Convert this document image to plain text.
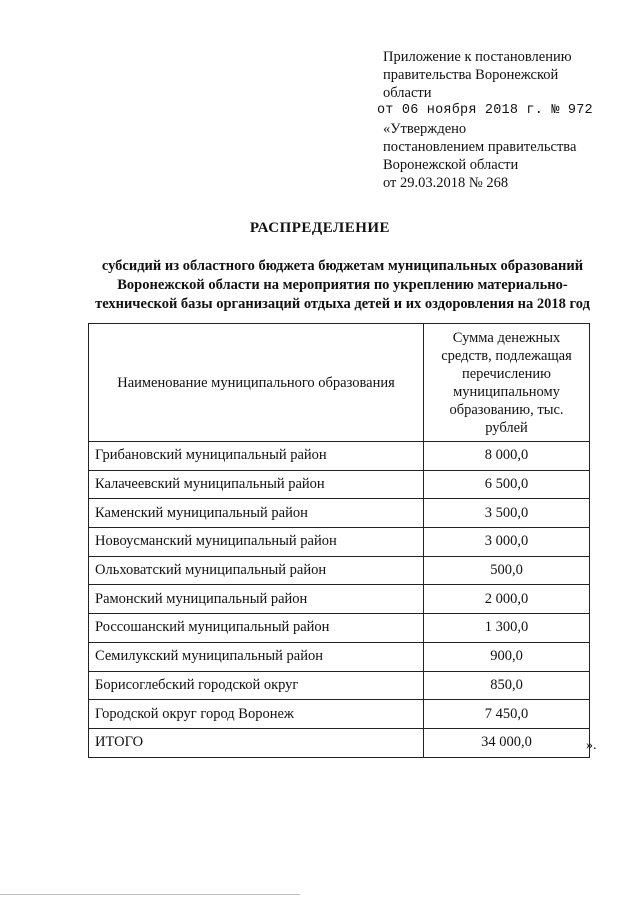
Приложение к постановлению
правительства Воронежской
области
от 06 ноября 2018 г. № 972
«Утверждено
постановлением правительства
Воронежской области
от 29.03.2018 № 268
РАСПРЕДЕЛЕНИЕ
субсидий из областного бюджета бюджетам муниципальных образований Воронежской области на мероприятия по укреплению материально-технической базы организаций отдыха детей и их оздоровления на 2018 год
Наименование муниципального образования	Сумма денежных средств, подлежащая перечислению муниципальному образованию, тыс. рублей
Грибановский муниципальный район	8 000,0
Калачеевский муниципальный район	6 500,0
Каменский муниципальный район	3 500,0
Новоусманский муниципальный район	3 000,0
Ольховатский муниципальный район	500,0
Рамонский муниципальный район	2 000,0
Россошанский муниципальный район	1 300,0
Семилукский муниципальный район	900,0
Борисоглебский городской округ	850,0
Городской округ город Воронеж	7 450,0
ИТОГО	34 000,0	».
